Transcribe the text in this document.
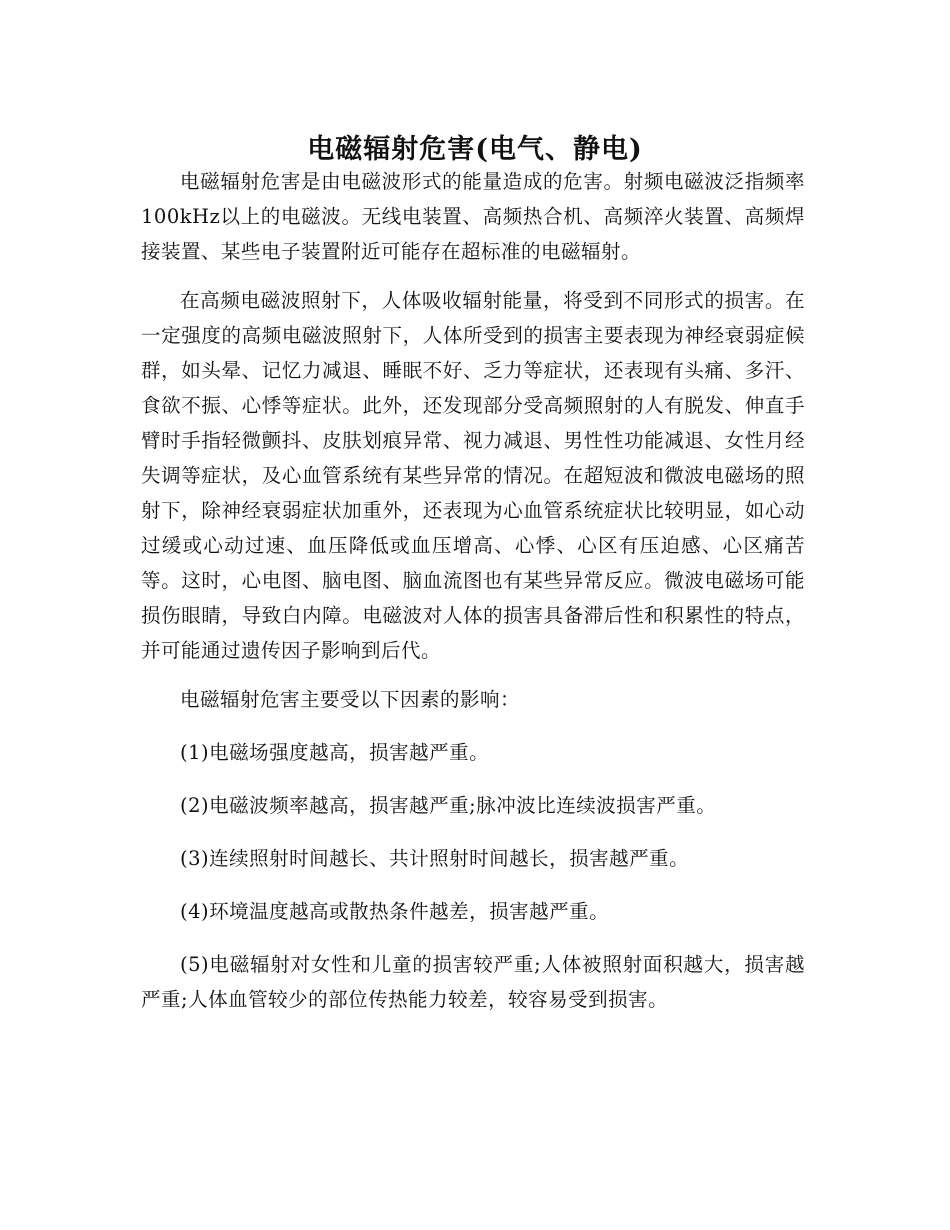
电磁辐射危害(电气、静电)

电磁辐射危害是由电磁波形式的能量造成的危害。射频电磁波泛指频率100kHz以上的电磁波。无线电装置、高频热合机、高频淬火装置、高频焊接装置、某些电子装置附近可能存在超标准的电磁辐射。

在高频电磁波照射下，人体吸收辐射能量，将受到不同形式的损害。在一定强度的高频电磁波照射下，人体所受到的损害主要表现为神经衰弱症候群，如头晕、记忆力减退、睡眠不好、乏力等症状，还表现有头痛、多汗、食欲不振、心悸等症状。此外，还发现部分受高频照射的人有脱发、伸直手臂时手指轻微颤抖、皮肤划痕异常、视力减退、男性性功能减退、女性月经失调等症状，及心血管系统有某些异常的情况。在超短波和微波电磁场的照射下，除神经衰弱症状加重外，还表现为心血管系统症状比较明显，如心动过缓或心动过速、血压降低或血压增高、心悸、心区有压迫感、心区痛苦等。这时，心电图、脑电图、脑血流图也有某些异常反应。微波电磁场可能损伤眼睛，导致白内障。电磁波对人体的损害具备滞后性和积累性的特点，并可能通过遗传因子影响到后代。

电磁辐射危害主要受以下因素的影响：

(1)电磁场强度越高，损害越严重。

(2)电磁波频率越高，损害越严重;脉冲波比连续波损害严重。

(3)连续照射时间越长、共计照射时间越长，损害越严重。

(4)环境温度越高或散热条件越差，损害越严重。

(5)电磁辐射对女性和儿童的损害较严重;人体被照射面积越大，损害越严重;人体血管较少的部位传热能力较差，较容易受到损害。
